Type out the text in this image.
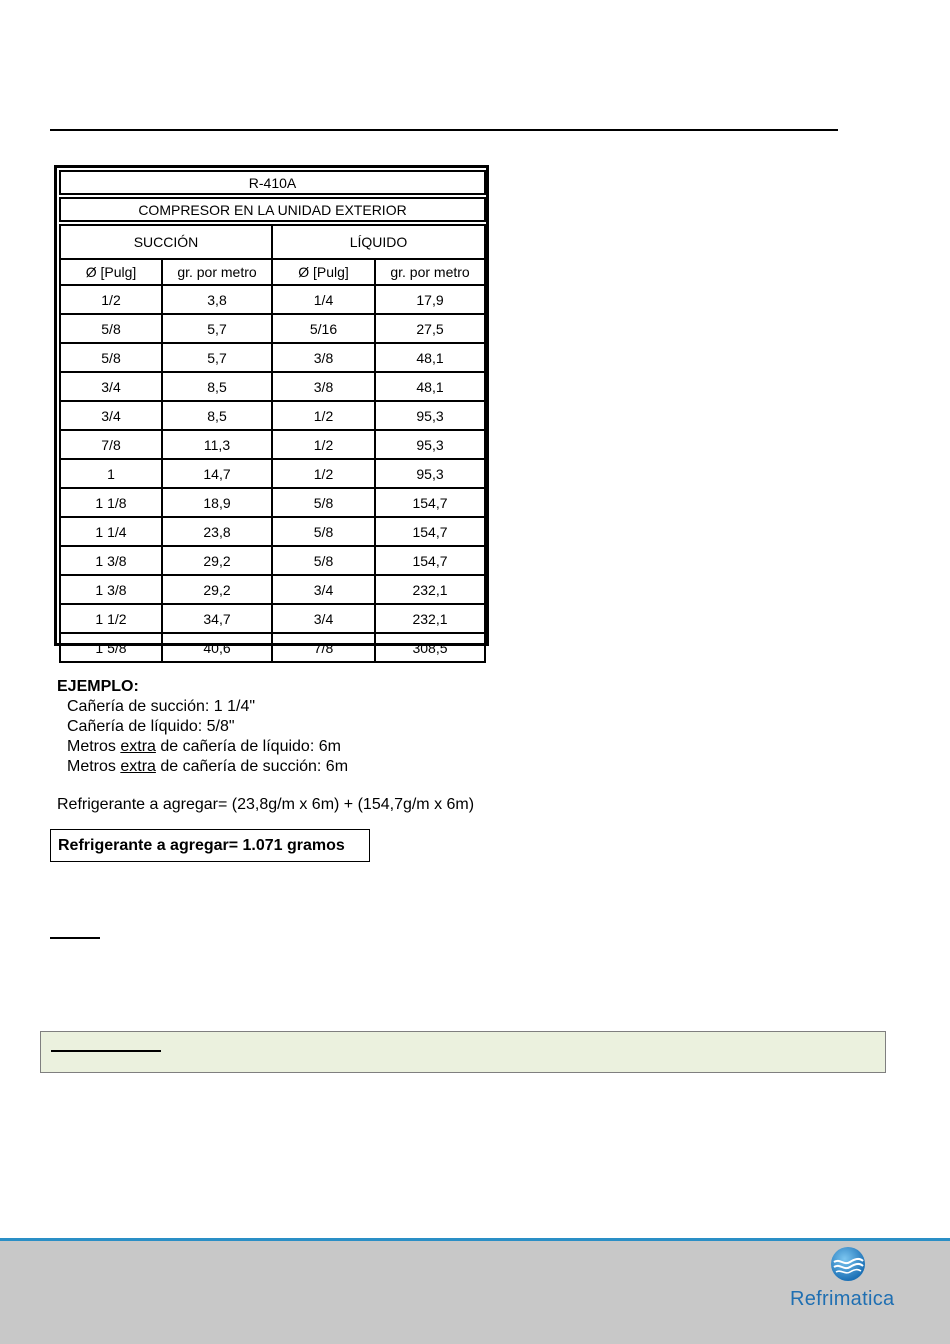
R-410A			

COMPRESOR EN LA UNIDAD EXTERIOR			

SUCCIÓN		LÍQUIDO	
Ø [Pulg]	gr. por metro	Ø [Pulg]	gr. por metro
1/2	3,8	1/4	17,9
5/8	5,7	5/16	27,5
5/8	5,7	3/8	48,1
3/4	8,5	3/8	48,1
3/4	8,5	1/2	95,3
7/8	11,3	1/2	95,3
1	14,7	1/2	95,3
1 1/8	18,9	5/8	154,7
1 1/4	23,8	5/8	154,7
1 3/8	29,2	5/8	154,7
1 3/8	29,2	3/4	232,1
1 1/2	34,7	3/4	232,1
1 5/8	40,6	7/8	308,5
EJEMPLO:
Cañería de succión: 1 1/4"
Cañería de líquido: 5/8"
Metros extra de cañería de líquido: 6m
Metros extra de cañería de succión: 6m
Refrigerante a agregar= (23,8g/m x 6m) + (154,7g/m x 6m)
Refrigerante a agregar= 1.071 gramos
Refrimatica
